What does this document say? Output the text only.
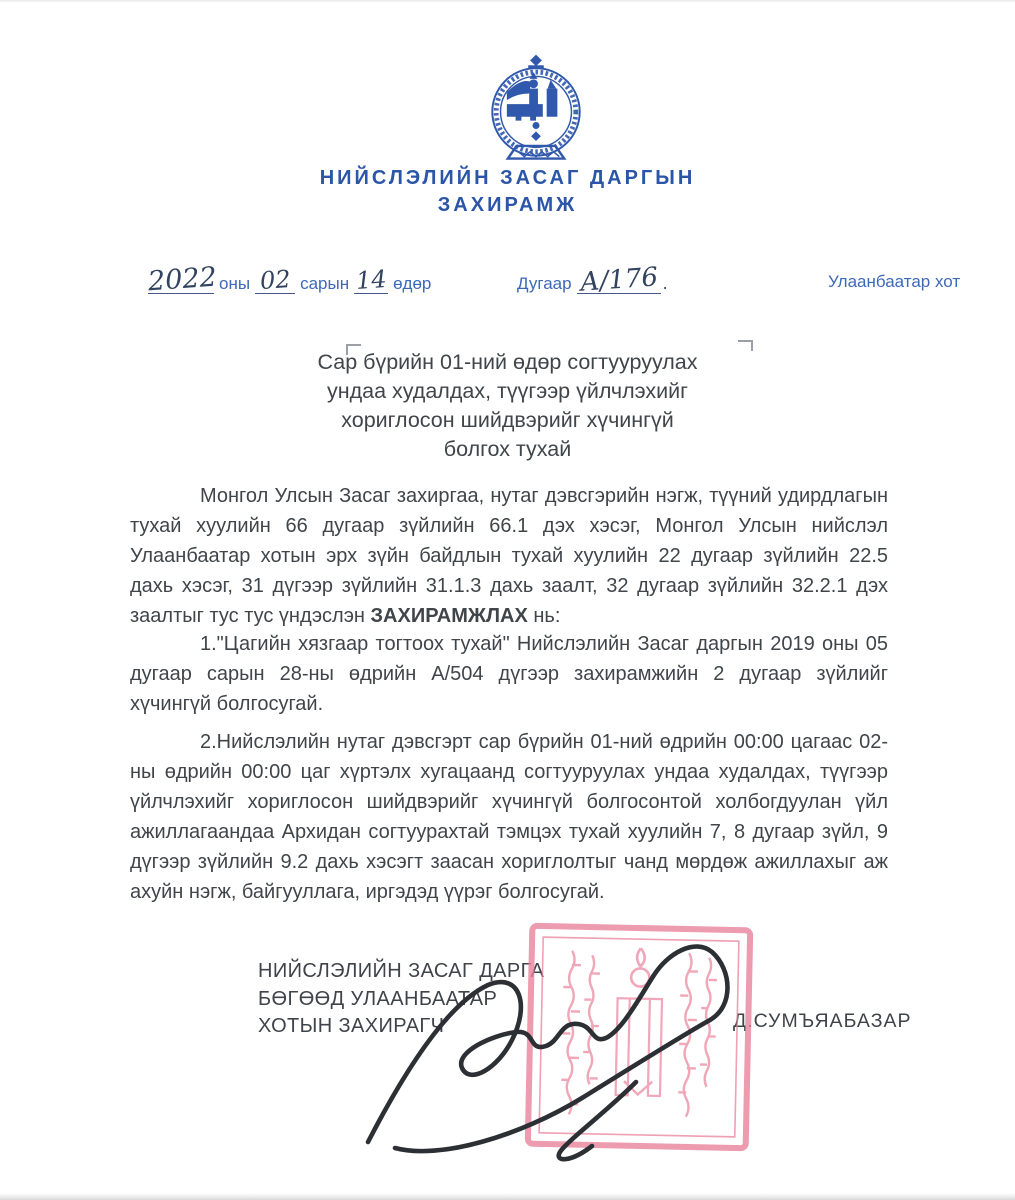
НИЙСЛЭЛИЙН ЗАСАГ ДАРГЫН
ЗАХИРАМЖ
2022 оны 02 сарын 14 өдөр	Дугаар А/176 .	Улаанбаатар хот
Сар бүрийн 01-ний өдөр согтууруулах
ундаа худалдах, түүгээр үйлчлэхийг
хориглосон шийдвэрийг хүчингүй
болгох тухай
Монгол Улсын Засаг захиргаа, нутаг дэвсгэрийн нэгж, түүний удирдлагын тухай хуулийн 66 дугаар зүйлийн 66.1 дэх хэсэг, Монгол Улсын нийслэл Улаанбаатар хотын эрх зүйн байдлын тухай хуулийн 22 дугаар зүйлийн 22.5 дахь хэсэг, 31 дүгээр зүйлийн 31.1.3 дахь заалт, 32 дугаар зүйлийн 32.2.1 дэх заалтыг тус тус үндэслэн ЗАХИРАМЖЛАХ нь:
1."Цагийн хязгаар тогтоох тухай" Нийслэлийн Засаг даргын 2019 оны 05 дугаар сарын 28-ны өдрийн А/504 дүгээр захирамжийн 2 дугаар зүйлийг хүчингүй болгосугай.
2.Нийслэлийн нутаг дэвсгэрт сар бүрийн 01-ний өдрийн 00:00 цагаас 02-ны өдрийн 00:00 цаг хүртэлх хугацаанд согтууруулах ундаа худалдах, түүгээр үйлчлэхийг хориглосон шийдвэрийг хүчингүй болгосонтой холбогдуулан үйл ажиллагаандаа Архидан согтуурахтай тэмцэх тухай хуулийн 7, 8 дугаар зүйл, 9 дүгээр зүйлийн 9.2 дахь хэсэгт заасан хориглолтыг чанд мөрдөж ажиллахыг аж ахуйн нэгж, байгууллага, иргэдэд үүрэг болгосугай.
НИЙСЛЭЛИЙН ЗАСАГ ДАРГА
БӨГӨӨД УЛААНБААТАР
ХОТЫН ЗАХИРАГЧ	Д.СУМЪЯАБАЗАР
